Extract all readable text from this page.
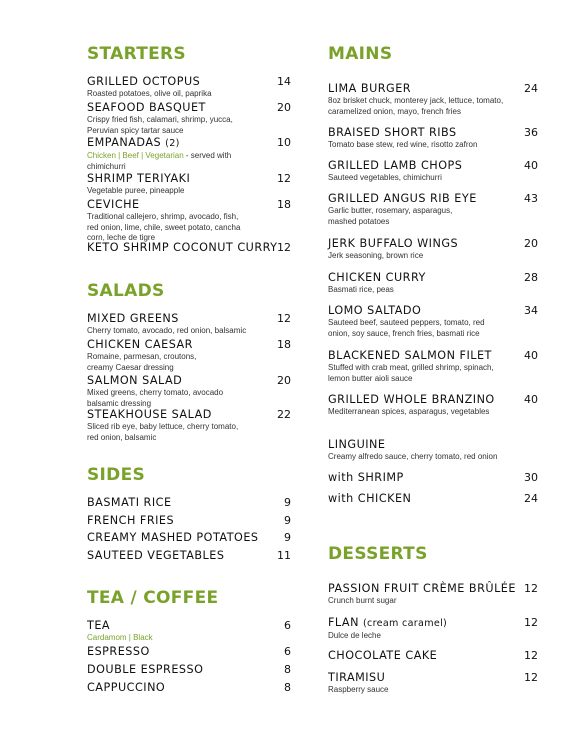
STARTERS
GRILLED OCTOPUS	14
Roasted potatoes, olive oil, paprika
SEAFOOD BASQUET	20
Crispy fried fish, calamari, shrimp, yucca,
Peruvian spicy tartar sauce
EMPANADAS (2)	10
Chicken | Beef | Vegetarian - served with
chimichurri
SHRIMP TERIYAKI	12
Vegetable puree, pineapple
CEVICHE	18
Traditional callejero, shrimp, avocado, fish,
red onion, lime, chile, sweet potato, cancha
corn, leche de tigre
KETO SHRIMP COCONUT CURRY 12
SALADS
MIXED GREENS	12
Cherry tomato, avocado, red onion, balsamic
CHICKEN CAESAR	18
Romaine, parmesan, croutons,
creamy Caesar dressing
SALMON SALAD	20
Mixed greens, cherry tomato, avocado
balsamic dressing
STEAKHOUSE SALAD	22
Sliced rib eye, baby lettuce, cherry tomato,
red onion, balsamic
SIDES
BASMATI RICE	9
FRENCH FRIES	9
CREAMY MASHED POTATOES	9
SAUTEED VEGETABLES	11
TEA / COFFEE
TEA	6
Cardamom | Black
ESPRESSO	6
DOUBLE ESPRESSO	8
CAPPUCCINO	8
MAINS
LIMA BURGER	24
8oz brisket chuck, monterey jack, lettuce, tomato,
caramelized onion, mayo, french fries
BRAISED SHORT RIBS	36
Tomato base stew, red wine, risotto zafron
GRILLED LAMB CHOPS	40
Sauteed vegetables, chimichurri
GRILLED ANGUS RIB EYE	43
Garlic butter, rosemary, asparagus,
mashed potatoes
JERK BUFFALO WINGS	20
Jerk seasoning, brown rice
CHICKEN CURRY	28
Basmati rice, peas
LOMO SALTADO	34
Sauteed beef, sauteed peppers, tomato, red
onion, soy sauce, french fries, basmati rice
BLACKENED SALMON FILET	40
Stuffed with crab meat, grilled shrimp, spinach,
lemon butter aioli sauce
GRILLED WHOLE BRANZINO	40
Mediterranean spices, asparagus, vegetables
LINGUINE
Creamy alfredo sauce, cherry tomato, red onion
with SHRIMP	30
with CHICKEN	24
DESSERTS
PASSION FRUIT CRÈME BRÛLÉE 12
Crunch burnt sugar
FLAN (cream caramel)	12
Dulce de leche
CHOCOLATE CAKE	12
TIRAMISU	12
Raspberry sauce
